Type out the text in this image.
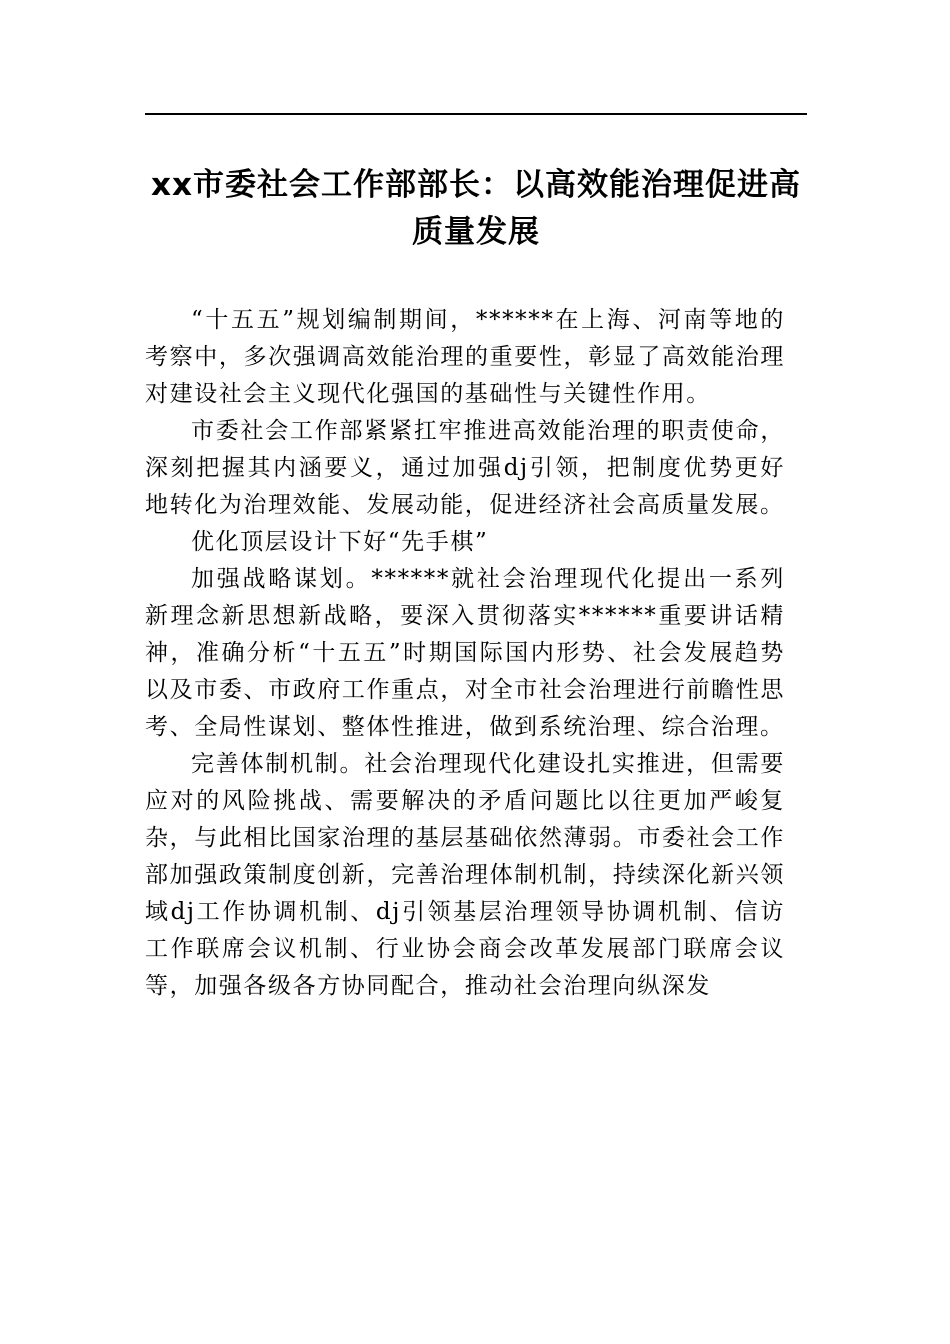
xx市委社会工作部部长：以高效能治理促进高质量发展

“十五五”规划编制期间，******在上海、河南等地的考察中，多次强调高效能治理的重要性，彰显了高效能治理对建设社会主义现代化强国的基础性与关键性作用。

市委社会工作部紧紧扛牢推进高效能治理的职责使命，深刻把握其内涵要义，通过加强dj引领，把制度优势更好地转化为治理效能、发展动能，促进经济社会高质量发展。

优化顶层设计下好“先手棋”

加强战略谋划。******就社会治理现代化提出一系列新理念新思想新战略，要深入贯彻落实******重要讲话精神，准确分析“十五五”时期国际国内形势、社会发展趋势以及市委、市政府工作重点，对全市社会治理进行前瞻性思考、全局性谋划、整体性推进，做到系统治理、综合治理。

完善体制机制。社会治理现代化建设扎实推进，但需要应对的风险挑战、需要解决的矛盾问题比以往更加严峻复杂，与此相比国家治理的基层基础依然薄弱。市委社会工作部加强政策制度创新，完善治理体制机制，持续深化新兴领域dj工作协调机制、dj引领基层治理领导协调机制、信访工作联席会议机制、行业协会商会改革发展部门联席会议等，加强各级各方协同配合，推动社会治理向纵深发
